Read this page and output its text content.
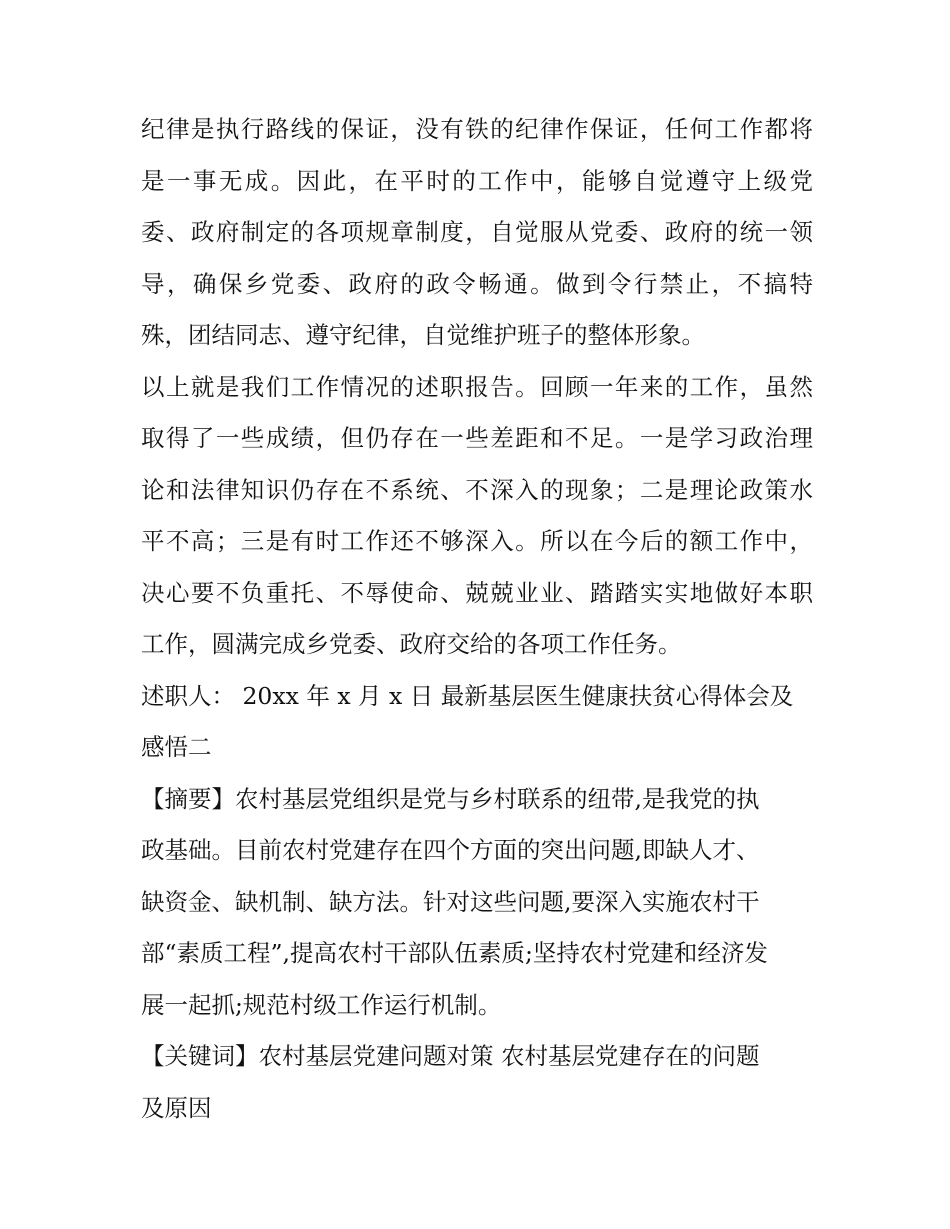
纪律是执行路线的保证，没有铁的纪律作保证，任何工作都将
是一事无成。因此，在平时的工作中，能够自觉遵守上级党
委、政府制定的各项规章制度，自觉服从党委、政府的统一领
导，确保乡党委、政府的政令畅通。做到令行禁止，不搞特
殊，团结同志、遵守纪律，自觉维护班子的整体形象。
以上就是我们工作情况的述职报告。回顾一年来的工作，虽然
取得了一些成绩，但仍存在一些差距和不足。一是学习政治理
论和法律知识仍存在不系统、不深入的现象；二是理论政策水
平不高；三是有时工作还不够深入。所以在今后的额工作中，
决心要不负重托、不辱使命、兢兢业业、踏踏实实地做好本职
工作，圆满完成乡党委、政府交给的各项工作任务。
述职人： 20xx 年 x 月 x 日 最新基层医生健康扶贫心得体会及
感悟二
【摘要】农村基层党组织是党与乡村联系的纽带,是我党的执
政基础。目前农村党建存在四个方面的突出问题,即缺人才、
缺资金、缺机制、缺方法。针对这些问题,要深入实施农村干
部“素质工程”,提高农村干部队伍素质;坚持农村党建和经济发
展一起抓;规范村级工作运行机制。
【关键词】农村基层党建问题对策 农村基层党建存在的问题
及原因
